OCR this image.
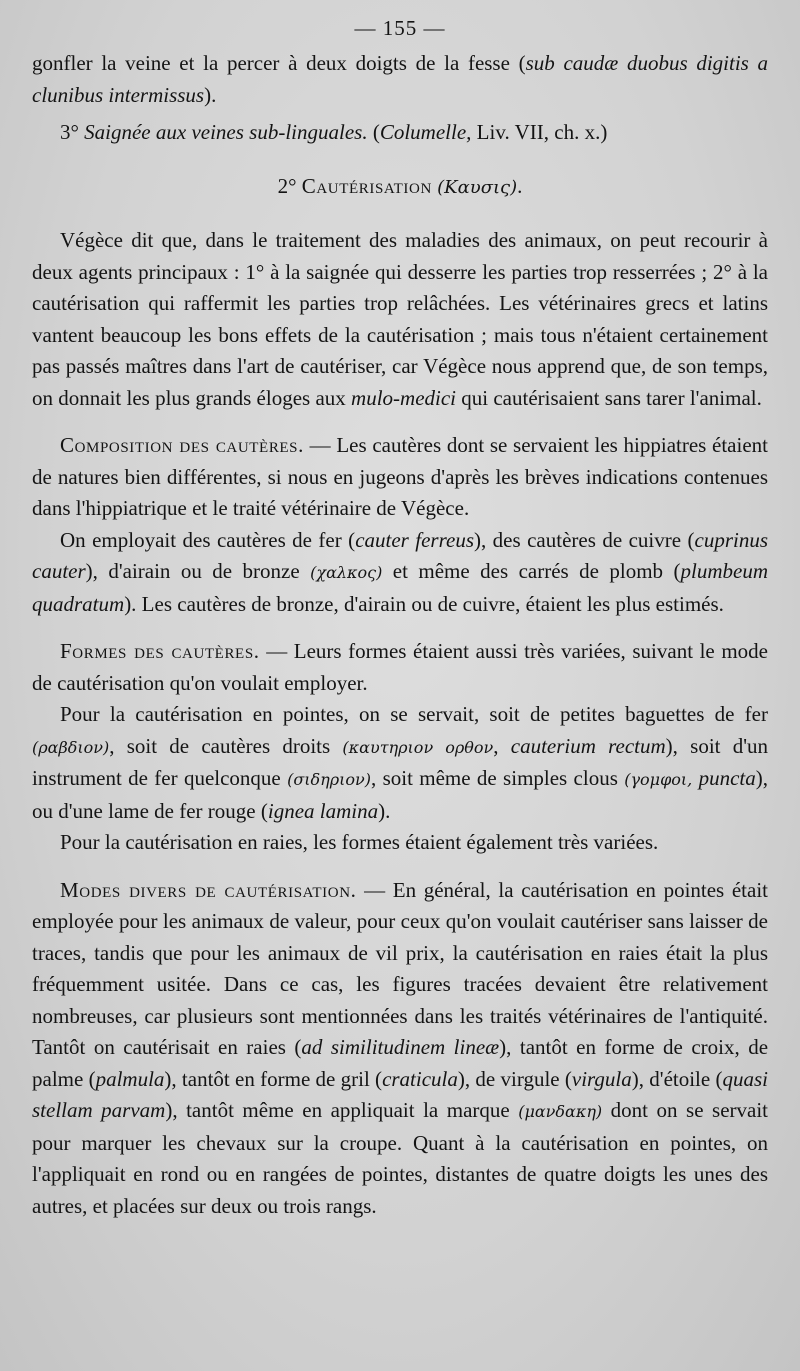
— 155 —

gonfler la veine et la percer à deux doigts de la fesse (sub caudæ duobus digitis a clunibus intermissus).

3° Saignée aux veines sub-linguales. (Columelle, Liv. VII, ch. x.)

2° Cautérisation (Καυσις).

Végèce dit que, dans le traitement des maladies des animaux, on peut recourir à deux agents principaux : 1° à la saignée qui desserre les parties trop resserrées ; 2° à la cautérisation qui raffermit les parties trop relâchées. Les vétérinaires grecs et latins vantent beaucoup les bons effets de la cautérisation ; mais tous n'étaient certainement pas passés maîtres dans l'art de cautériser, car Végèce nous apprend que, de son temps, on donnait les plus grands éloges aux mulo-medici qui cautérisaient sans tarer l'animal.

Composition des cautères. — Les cautères dont se servaient les hippiatres étaient de natures bien différentes, si nous en jugeons d'après les brèves indications contenues dans l'hippiatrique et le traité vétérinaire de Végèce.

On employait des cautères de fer (cauter ferreus), des cautères de cuivre (cuprinus cauter), d'airain ou de bronze (χαλκος) et même des carrés de plomb (plumbeum quadratum). Les cautères de bronze, d'airain ou de cuivre, étaient les plus estimés.

Formes des cautères. — Leurs formes étaient aussi très variées, suivant le mode de cautérisation qu'on voulait employer.

Pour la cautérisation en pointes, on se servait, soit de petites baguettes de fer (ραβδιον), soit de cautères droits (καυτηριον ορθον, cauterium rectum), soit d'un instrument de fer quelconque (σιδηριον), soit même de simples clous (γομφοι, puncta), ou d'une lame de fer rouge (ignea lamina).

Pour la cautérisation en raies, les formes étaient également très variées.

Modes divers de cautérisation. — En général, la cautérisation en pointes était employée pour les animaux de valeur, pour ceux qu'on voulait cautériser sans laisser de traces, tandis que pour les animaux de vil prix, la cautérisation en raies était la plus fréquemment usitée. Dans ce cas, les figures tracées devaient être relativement nombreuses, car plusieurs sont mentionnées dans les traités vétérinaires de l'antiquité. Tantôt on cautérisait en raies (ad similitudinem lineæ), tantôt en forme de croix, de palme (palmula), tantôt en forme de gril (craticula), de virgule (virgula), d'étoile (quasi stellam parvam), tantôt même en appliquait la marque (μανδακη) dont on se servait pour marquer les chevaux sur la croupe. Quant à la cautérisation en pointes, on l'appliquait en rond ou en rangées de pointes, distantes de quatre doigts les unes des autres, et placées sur deux ou trois rangs.
